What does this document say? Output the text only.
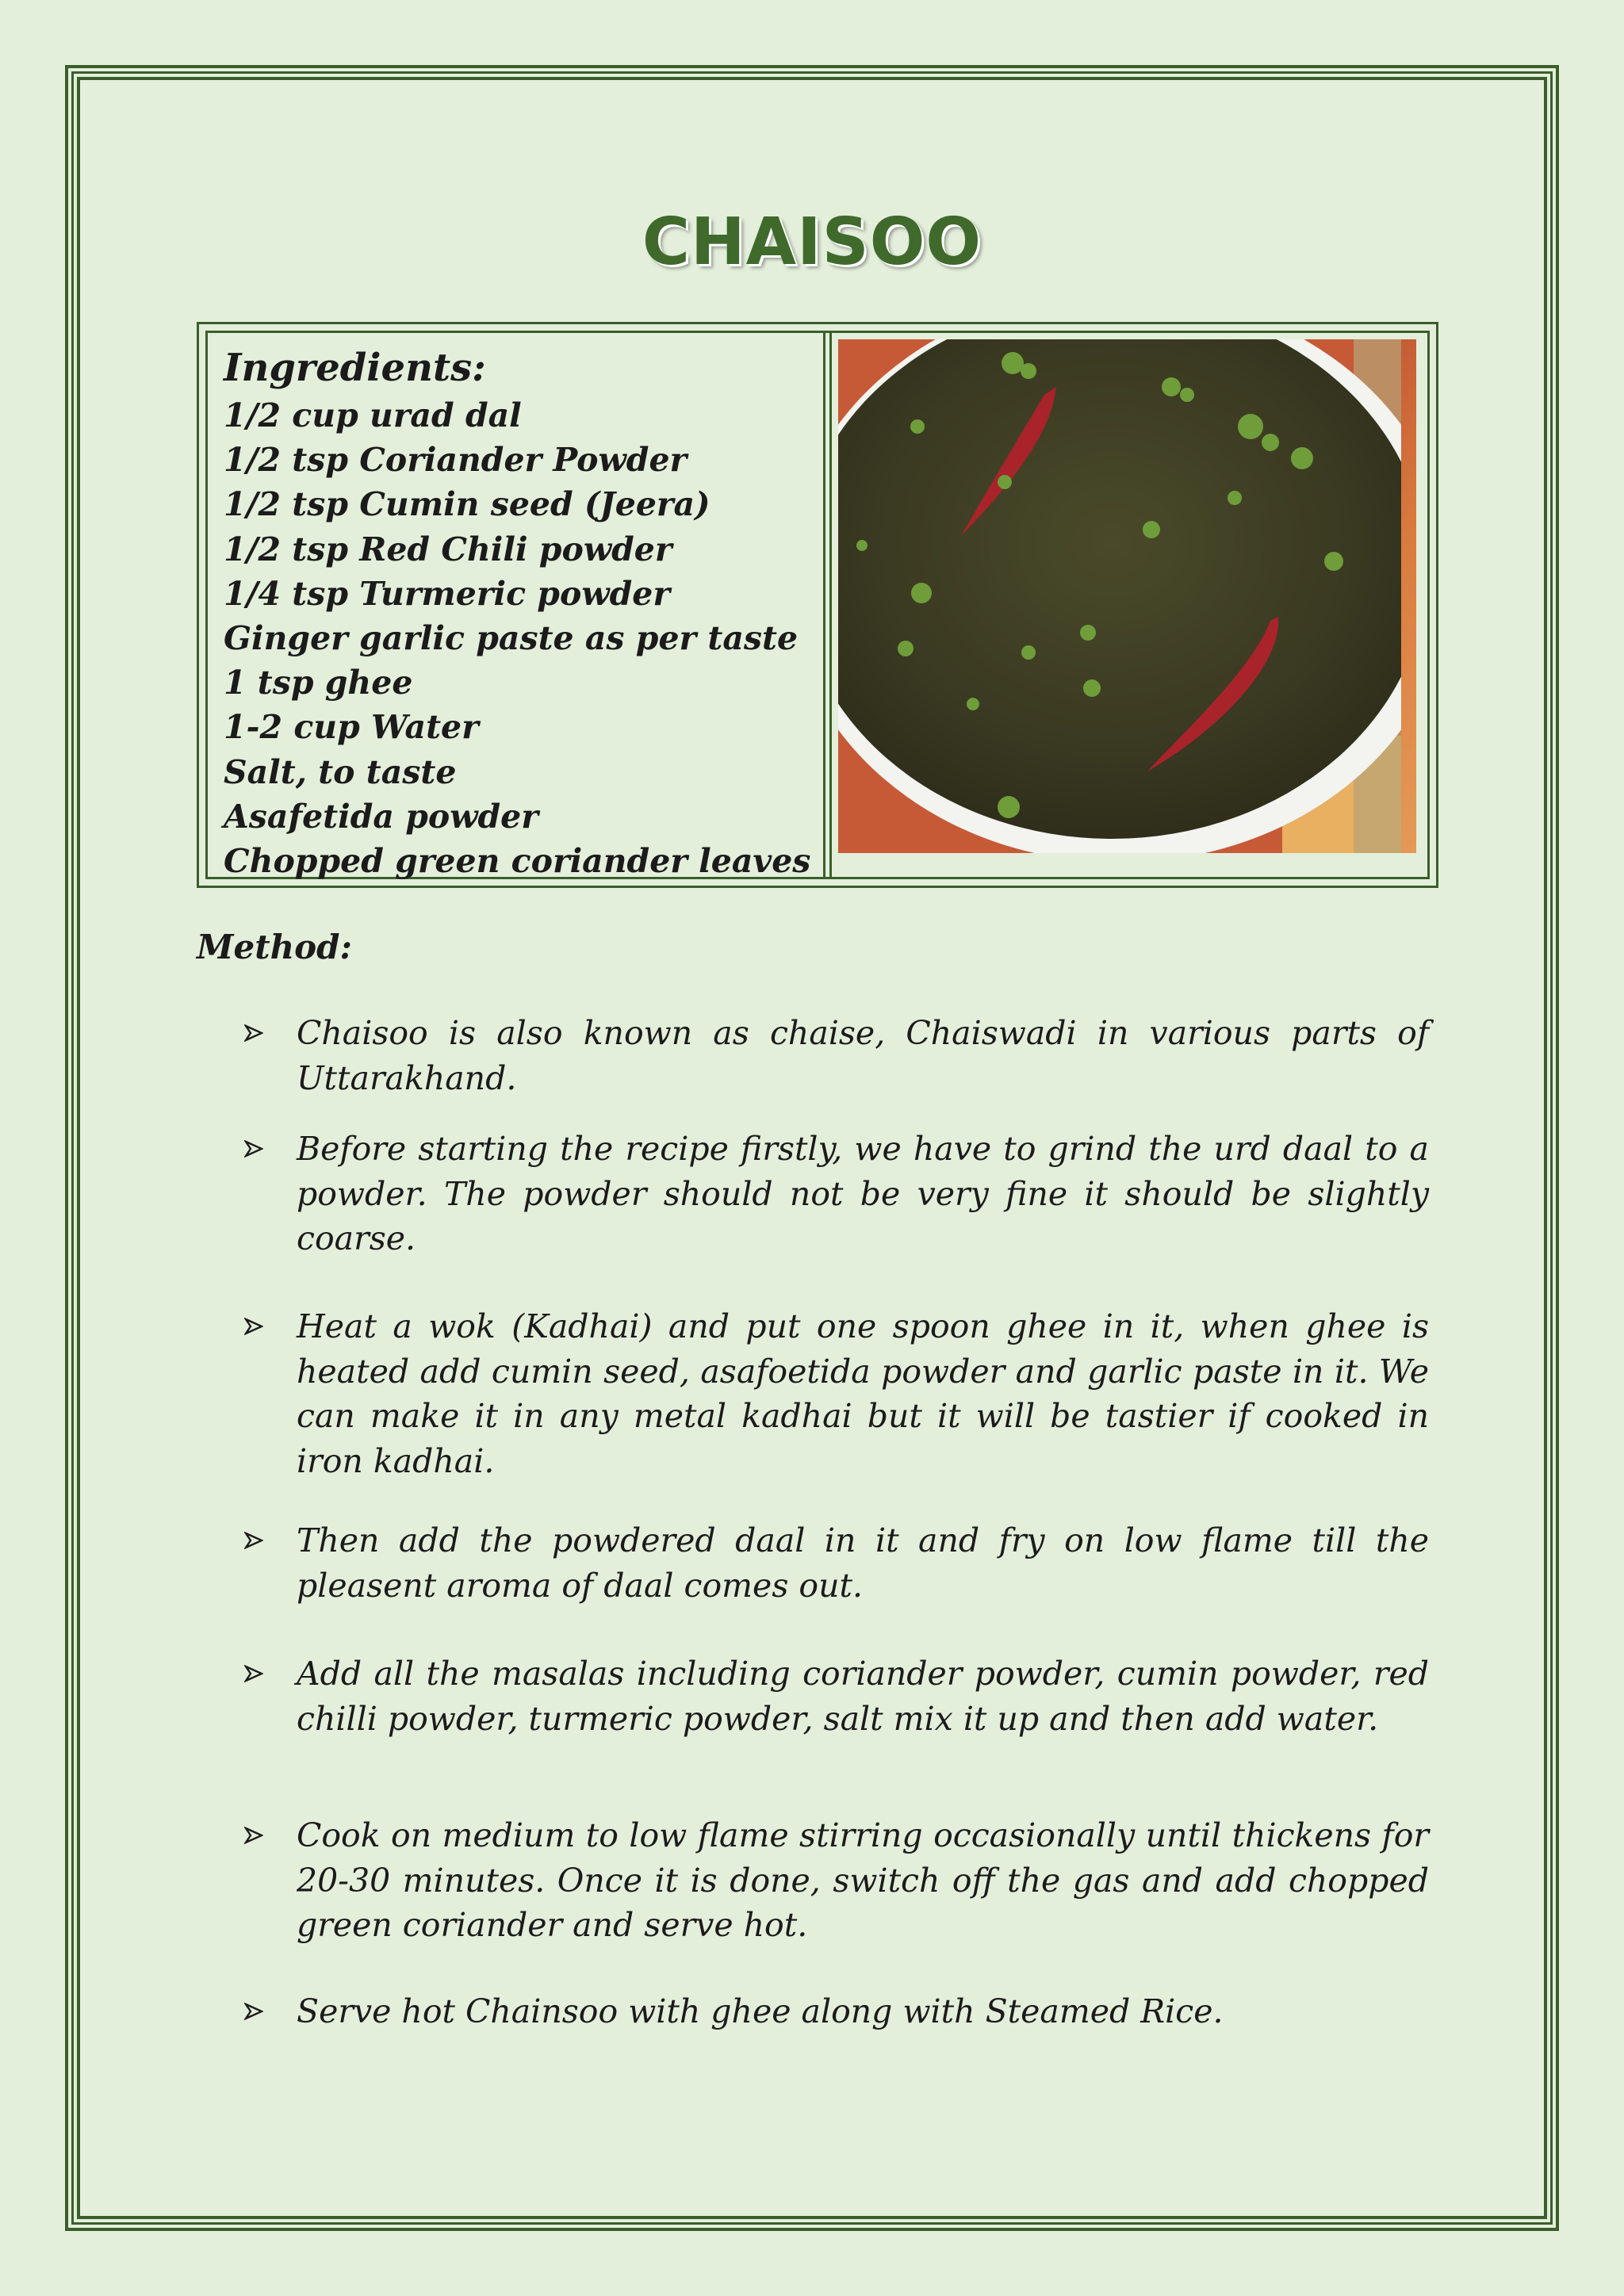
CHAISOO

Ingredients:

1/2 cup urad dal
1/2 tsp Coriander Powder
1/2 tsp Cumin seed (Jeera)
1/2 tsp Red Chili powder
1/4 tsp Turmeric powder
Ginger garlic paste as per taste
1 tsp ghee
1-2 cup Water
Salt, to taste
Asafetida powder
Chopped green coriander leaves
Method:
Chaisoo is also known as chaise, Chaiswadi in various parts of Uttarakhand.
Before starting the recipe firstly, we have to grind the urd daal to a powder. The powder should not be very fine it should be slightly coarse.
Heat a wok (Kadhai) and put one spoon ghee in it, when ghee is heated add cumin seed, asafoetida powder and garlic paste in it. We can make it in any metal kadhai but it will be tastier if cooked in iron kadhai.
Then add the powdered daal in it and fry on low flame till the pleasent aroma of daal comes out.
Add all the masalas including coriander powder, cumin powder, red chilli powder, turmeric powder, salt mix it up and then add water.
Cook on medium to low flame stirring occasionally until thickens for 20-30 minutes. Once it is done, switch off the gas and add chopped green coriander and serve hot.
Serve hot Chainsoo with ghee along with Steamed Rice.
